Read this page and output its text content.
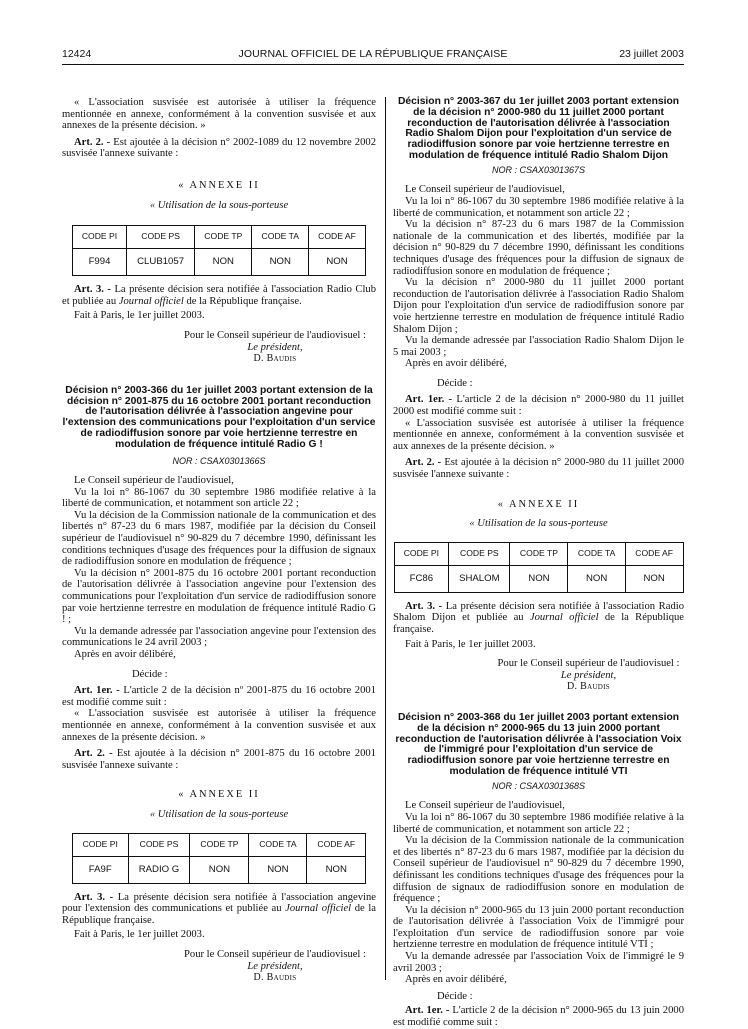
12424	JOURNAL OFFICIEL DE LA RÉPUBLIQUE FRANÇAISE	23 juillet 2003

« L'association susvisée est autorisée à utiliser la fréquence mentionnée en annexe, conformément à la convention susvisée et aux annexes de la présente décision. »

Art. 2. - Est ajoutée à la décision n° 2002-1089 du 12 novembre 2002 susvisée l'annexe suivante :

« ANNEXE II

« Utilisation de la sous-porteuse

CODE PI	CODE PS	CODE TP	CODE TA	CODE AF
F994	CLUB1057	NON	NON	NON

Art. 3. - La présente décision sera notifiée à l'association Radio Club et publiée au Journal officiel de la République française.

Fait à Paris, le 1er juillet 2003.

Pour le Conseil supérieur de l'audiovisuel :

Le président,

D. Baudis

Décision n° 2003-366 du 1er juillet 2003 portant extension de la décision n° 2001-875 du 16 octobre 2001 portant reconduction de l'autorisation délivrée à l'association angevine pour l'extension des communications pour l'exploitation d'un service de radiodiffusion sonore par voie hertzienne terrestre en modulation de fréquence intitulé Radio G !

NOR : CSAX0301366S

Le Conseil supérieur de l'audiovisuel,

Vu la loi n° 86-1067 du 30 septembre 1986 modifiée relative à la liberté de communication, et notamment son article 22 ;

Vu la décision de la Commission nationale de la communication et des libertés n° 87-23 du 6 mars 1987, modifiée par la décision du Conseil supérieur de l'audiovisuel n° 90-829 du 7 décembre 1990, définissant les conditions techniques d'usage des fréquences pour la diffusion de signaux de radiodiffusion sonore en modulation de fréquence ;

Vu la décision n° 2001-875 du 16 octobre 2001 portant reconduction de l'autorisation délivrée à l'association angevine pour l'extension des communications pour l'exploitation d'un service de radiodiffusion sonore par voie hertzienne terrestre en modulation de fréquence intitulé Radio G ! ;

Vu la demande adressée par l'association angevine pour l'extension des communications le 24 avril 2003 ;

Après en avoir délibéré,

Décide :

Art. 1er. - L'article 2 de la décision nº 2001-875 du 16 octobre 2001 est modifié comme suit :

« L'association susvisée est autorisée à utiliser la fréquence mentionnée en annexe, conformément à la convention susvisée et aux annexes de la présente décision. »

Art. 2. - Est ajoutée à la décision n° 2001-875 du 16 octobre 2001 susvisée l'annexe suivante :

« ANNEXE II

« Utilisation de la sous-porteuse

CODE PI	CODE PS	CODE TP	CODE TA	CODE AF
FA9F	RADIO G	NON	NON	NON

Art. 3. - La présente décision sera notifiée à l'association angevine pour l'extension des communications et publiée au Journal officiel de la République française.

Fait à Paris, le 1er juillet 2003.

Pour le Conseil supérieur de l'audiovisuel :

Le président,

D. Baudis

Décision n° 2003-367 du 1er juillet 2003 portant extension de la décision n° 2000-980 du 11 juillet 2000 portant reconduction de l'autorisation délivrée à l'association Radio Shalom Dijon pour l'exploitation d'un service de radiodiffusion sonore par voie hertzienne terrestre en modulation de fréquence intitulé Radio Shalom Dijon

NOR : CSAX0301367S

Le Conseil supérieur de l'audiovisuel,

Vu la loi n° 86-1067 du 30 septembre 1986 modifiée relative à la liberté de communication, et notamment son article 22 ;

Vu la décision n° 87-23 du 6 mars 1987 de la Commission nationale de la communication et des libertés, modifiée par la décision n° 90-829 du 7 décembre 1990, définissant les conditions techniques d'usage des fréquences pour la diffusion de signaux de radiodiffusion sonore en modulation de fréquence ;

Vu la décision n° 2000-980 du 11 juillet 2000 portant reconduction de l'autorisation délivrée à l'association Radio Shalom Dijon pour l'exploitation d'un service de radiodiffusion sonore par voie hertzienne terrestre en modulation de fréquence intitulé Radio Shalom Dijon ;

Vu la demande adressée par l'association Radio Shalom Dijon le 5 mai 2003 ;

Après en avoir délibéré,

Décide :

Art. 1er. - L'article 2 de la décision n° 2000-980 du 11 juillet 2000 est modifié comme suit :

« L'association susvisée est autorisée à utiliser la fréquence mentionnée en annexe, conformément à la convention susvisée et aux annexes de la présente décision. »

Art. 2. - Est ajoutée à la décision n° 2000-980 du 11 juillet 2000 susvisée l'annexe suivante :

« ANNEXE II

« Utilisation de la sous-porteuse

CODE PI	CODE PS	CODE TP	CODE TA	CODE AF
FC86	SHALOM	NON	NON	NON

Art. 3. - La présente décision sera notifiée à l'association Radio Shalom Dijon et publiée au Journal officiel de la République française.

Fait à Paris, le 1er juillet 2003.

Pour le Conseil supérieur de l'audiovisuel :

Le président,

D. Baudis

Décision n° 2003-368 du 1er juillet 2003 portant extension de la décision n° 2000-965 du 13 juin 2000 portant reconduction de l'autorisation délivrée à l'association Voix de l'immigré pour l'exploitation d'un service de radiodiffusion sonore par voie hertzienne terrestre en modulation de fréquence intitulé VTI

NOR : CSAX0301368S

Le Conseil supérieur de l'audiovisuel,

Vu la loi n° 86-1067 du 30 septembre 1986 modifiée relative à la liberté de communication, et notamment son article 22 ;

Vu la décision de la Commission nationale de la communication et des libertés n° 87-23 du 6 mars 1987, modifiée par la décision du Conseil supérieur de l'audiovisuel n° 90-829 du 7 décembre 1990, définissant les conditions techniques d'usage des fréquences pour la diffusion de signaux de radiodiffusion sonore en modulation de fréquence ;

Vu la décision n° 2000-965 du 13 juin 2000 portant reconduction de l'autorisation délivrée à l'association Voix de l'immigré pour l'exploitation d'un service de radiodiffusion sonore par voie hertzienne terrestre en modulation de fréquence intitulé VTI ;

Vu la demande adressée par l'association Voix de l'immigré le 9 avril 2003 ;

Après en avoir délibéré,

Décide :

Art. 1er. - L'article 2 de la décision n° 2000-965 du 13 juin 2000 est modifié comme suit :
